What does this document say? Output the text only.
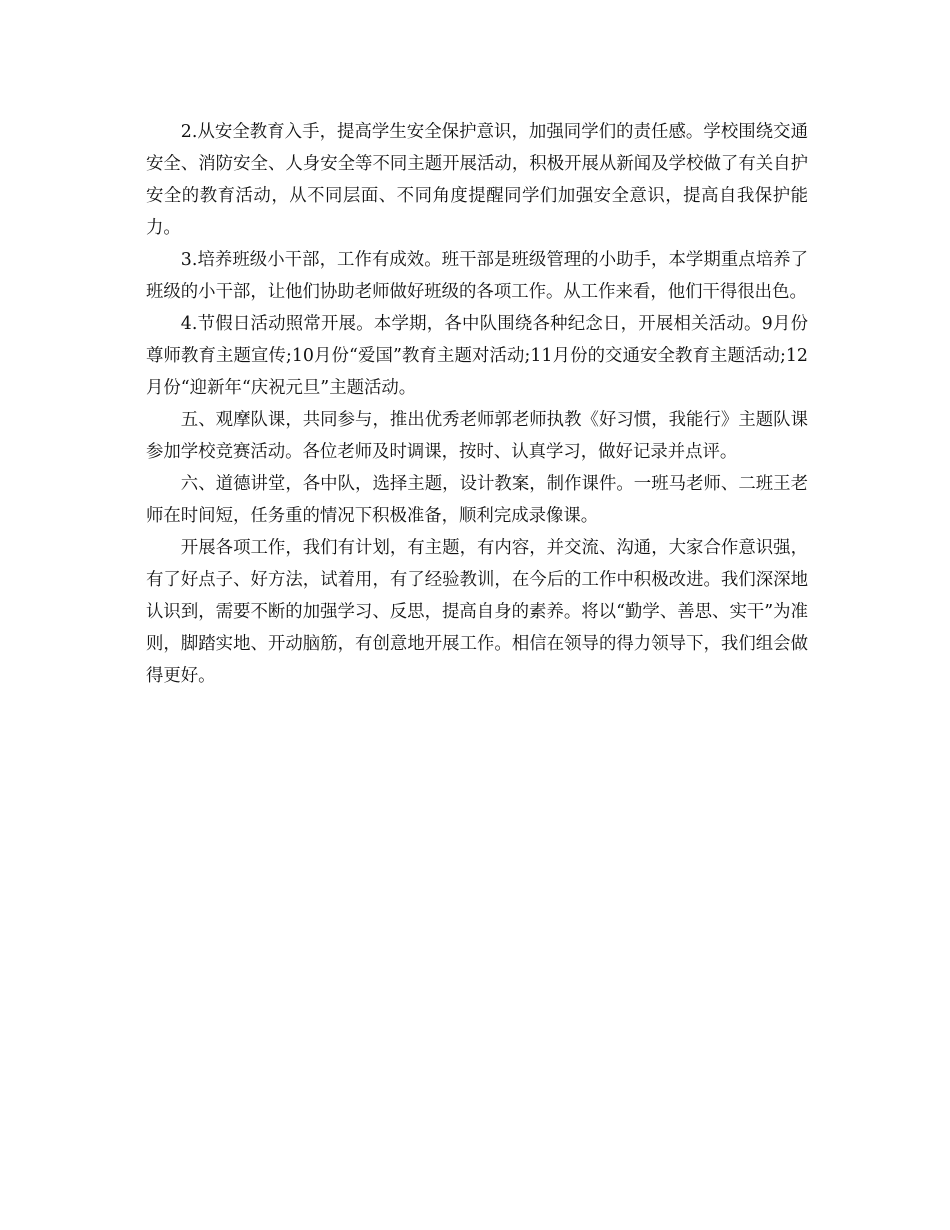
2.从安全教育入手，提高学生安全保护意识，加强同学们的责任感。学校围绕交通安全、消防安全、人身安全等不同主题开展活动，积极开展从新闻及学校做了有关自护安全的教育活动，从不同层面、不同角度提醒同学们加强安全意识，提高自我保护能力。

3.培养班级小干部，工作有成效。班干部是班级管理的小助手，本学期重点培养了班级的小干部，让他们协助老师做好班级的各项工作。从工作来看，他们干得很出色。

4.节假日活动照常开展。本学期，各中队围绕各种纪念日，开展相关活动。9月份尊师教育主题宣传;10月份“爱国”教育主题对活动;11月份的交通安全教育主题活动;12月份“迎新年“庆祝元旦”主题活动。

五、观摩队课，共同参与，推出优秀老师郭老师执教《好习惯，我能行》主题队课参加学校竞赛活动。各位老师及时调课，按时、认真学习，做好记录并点评。

六、道德讲堂，各中队，选择主题，设计教案，制作课件。一班马老师、二班王老师在时间短，任务重的情况下积极准备，顺利完成录像课。

开展各项工作，我们有计划，有主题，有内容，并交流、沟通，大家合作意识强，有了好点子、好方法，试着用，有了经验教训，在今后的工作中积极改进。我们深深地认识到，需要不断的加强学习、反思，提高自身的素养。将以“勤学、善思、实干”为准则，脚踏实地、开动脑筋，有创意地开展工作。相信在领导的得力领导下，我们组会做得更好。
